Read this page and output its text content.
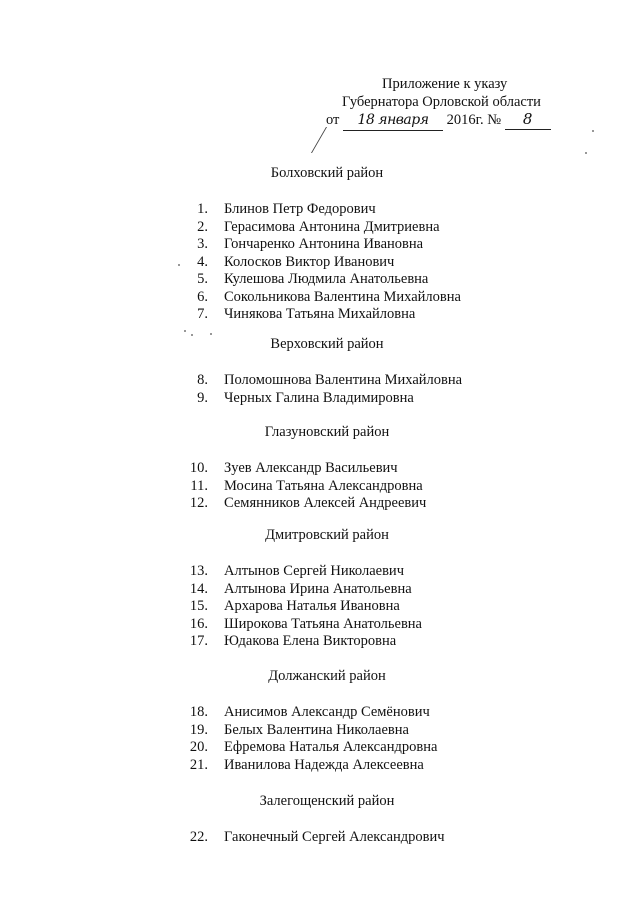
Приложение к указу
Губернатора Орловской области
от 18 января 2016г. № 8
Болховский район
1. Блинов Петр Федорович
2. Герасимова Антонина Дмитриевна
3. Гончаренко Антонина Ивановна
4. Колосков Виктор Иванович
5. Кулешова Людмила Анатольевна
6. Сокольникова Валентина Михайловна
7. Чинякова Татьяна Михайловна
Верховский район
8. Поломошнова Валентина Михайловна
9. Черных Галина Владимировна
Глазуновский район
10. Зуев Александр Васильевич
11. Мосина Татьяна Александровна
12. Семянников Алексей Андреевич
Дмитровский район
13. Алтынов Сергей Николаевич
14. Алтынова Ирина Анатольевна
15. Архарова Наталья Ивановна
16. Широкова Татьяна Анатольевна
17. Юдакова Елена Викторовна
Должанский район
18. Анисимов Александр Семёнович
19. Белых Валентина Николаевна
20. Ефремова Наталья Александровна
21. Иванилова Надежда Алексеевна
Залегощенский район
22. Гаконечный Сергей Александрович
